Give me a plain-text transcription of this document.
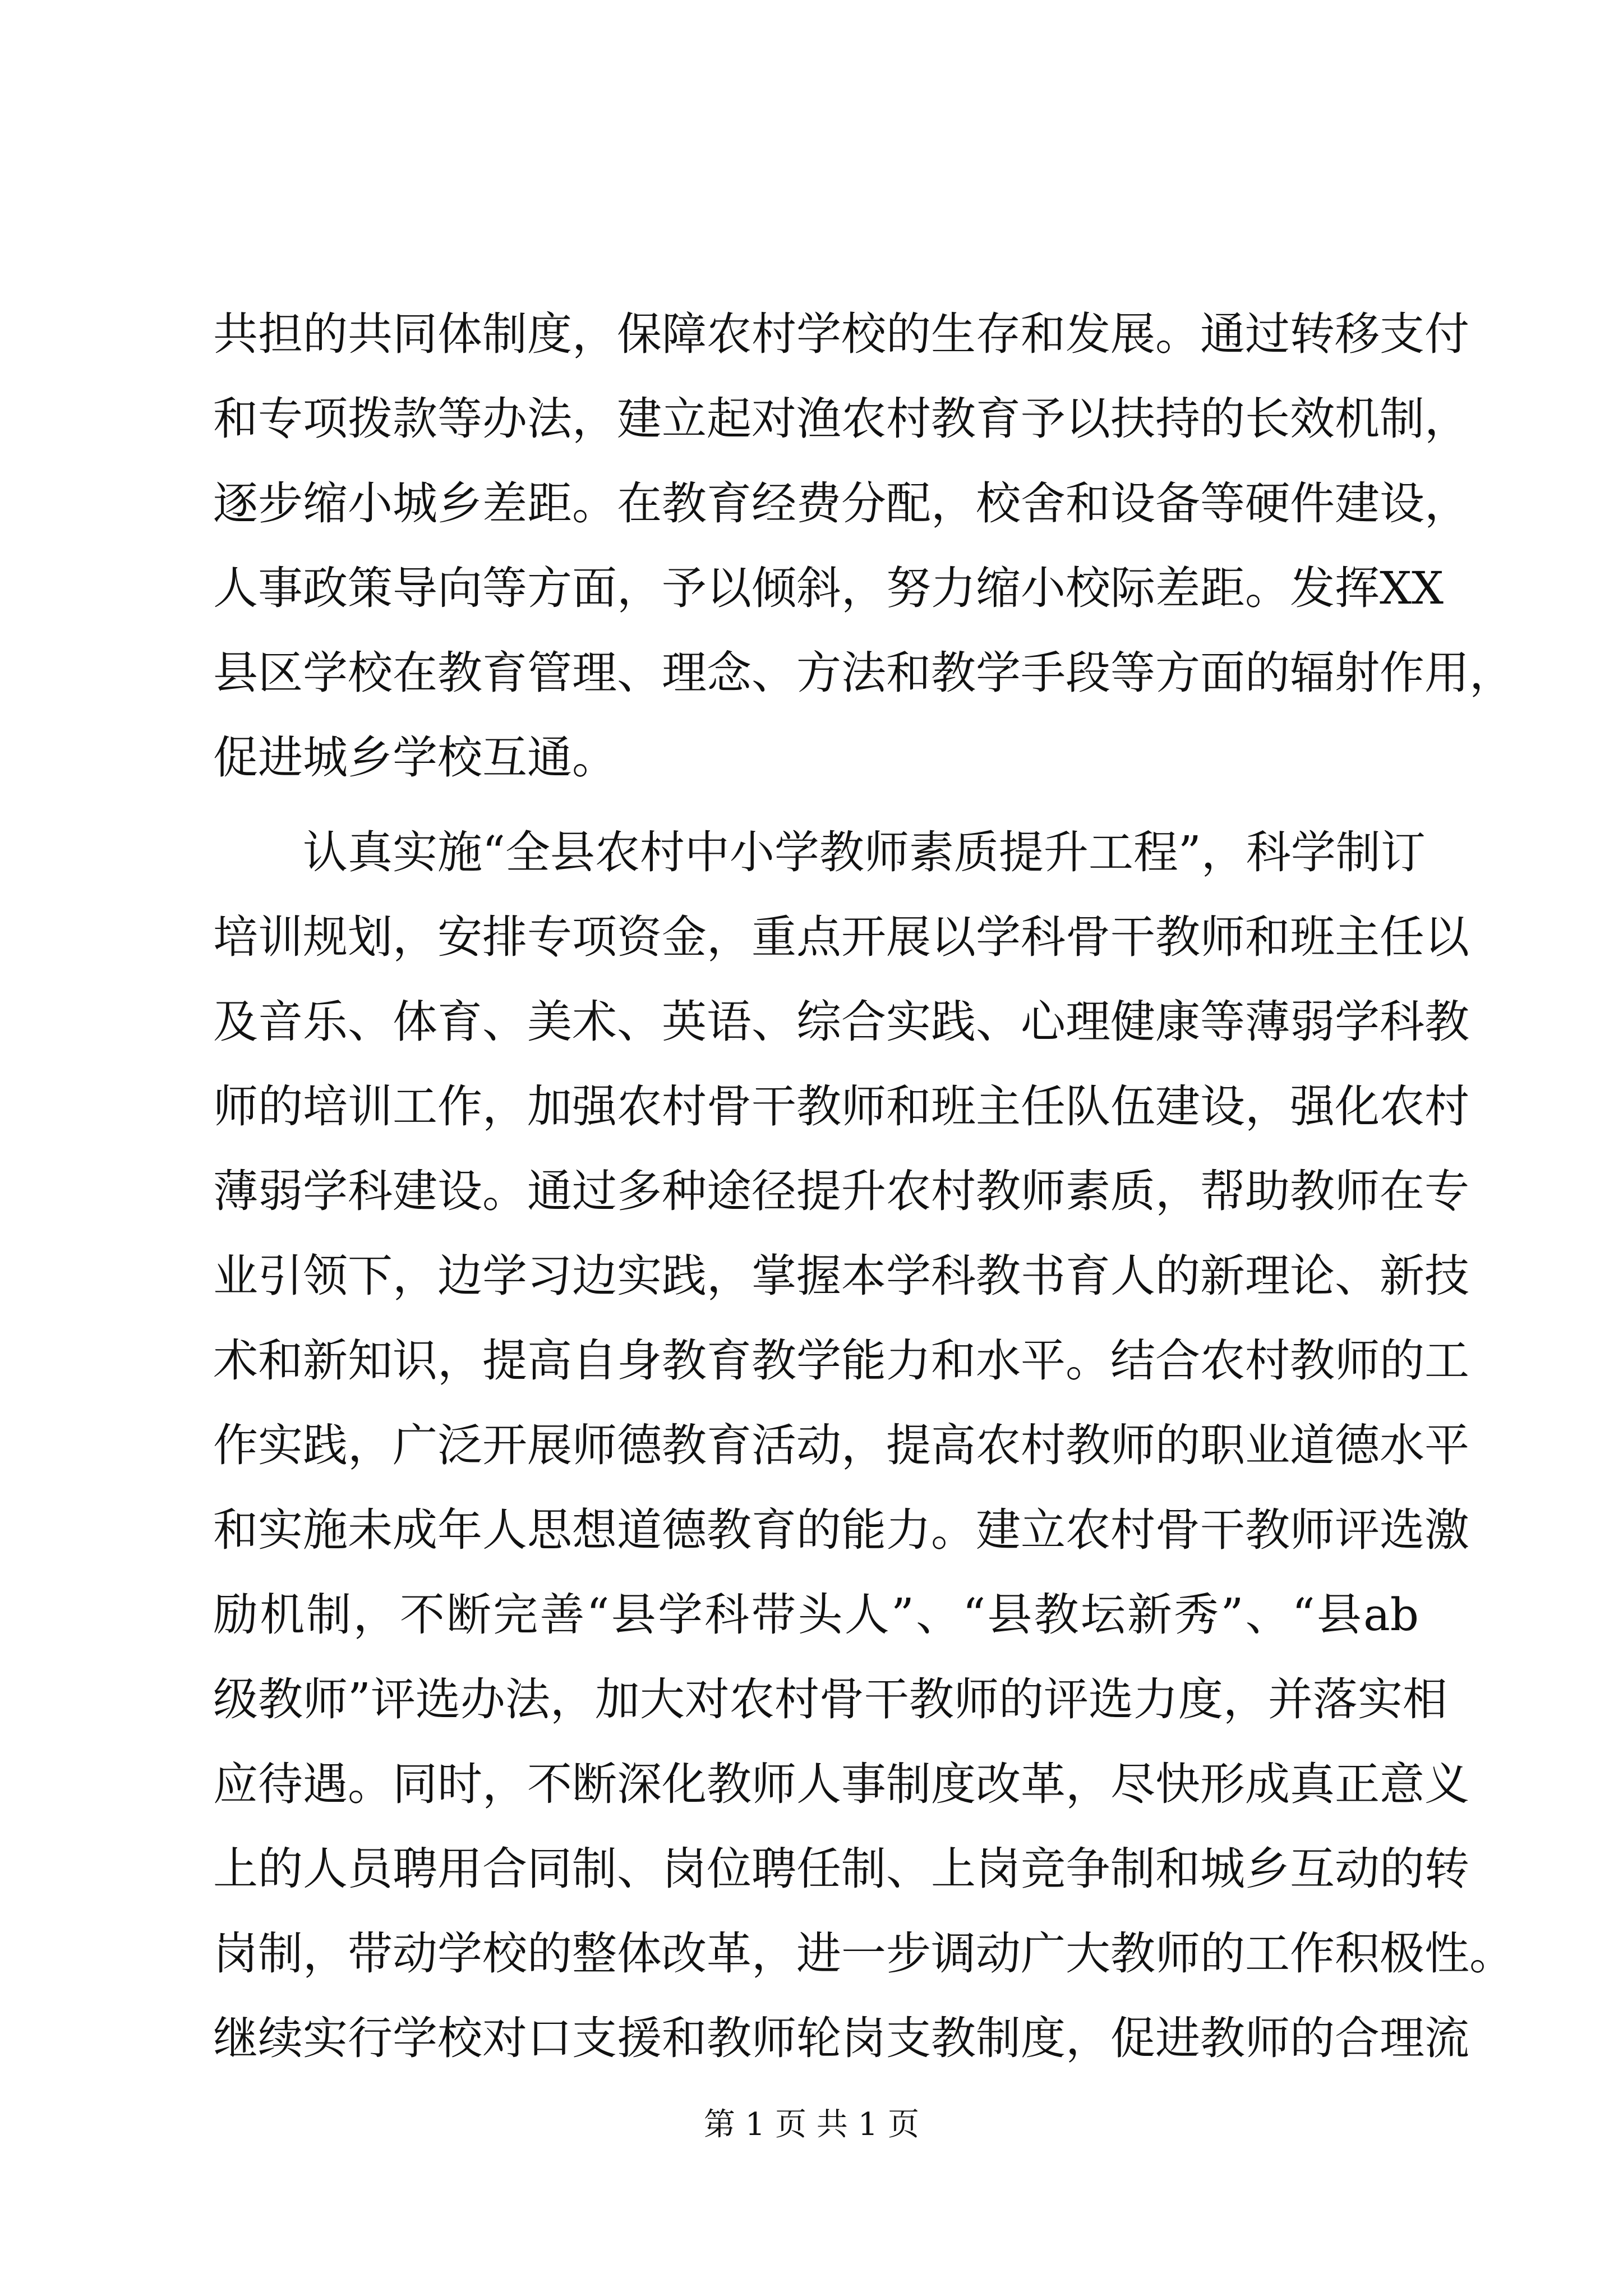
共担的共同体制度，保障农村学校的生存和发展。通过转移支付
和专项拨款等办法，建立起对渔农村教育予以扶持的长效机制，
逐步缩小城乡差距。在教育经费分配，校舍和设备等硬件建设，
人事政策导向等方面，予以倾斜，努力缩小校际差距。发挥XX
县区学校在教育管理、理念、方法和教学手段等方面的辐射作用，
促进城乡学校互通。
认真实施“全县农村中小学教师素质提升工程”，科学制订
培训规划，安排专项资金，重点开展以学科骨干教师和班主任以
及音乐、体育、美术、英语、综合实践、心理健康等薄弱学科教
师的培训工作，加强农村骨干教师和班主任队伍建设，强化农村
薄弱学科建设。通过多种途径提升农村教师素质，帮助教师在专
业引领下，边学习边实践，掌握本学科教书育人的新理论、新技
术和新知识，提高自身教育教学能力和水平。结合农村教师的工
作实践，广泛开展师德教育活动，提高农村教师的职业道德水平
和实施未成年人思想道德教育的能力。建立农村骨干教师评选激
励机制，不断完善“县学科带头人”、“县教坛新秀”、“县ab
级教师”评选办法，加大对农村骨干教师的评选力度，并落实相
应待遇。同时，不断深化教师人事制度改革，尽快形成真正意义
上的人员聘用合同制、岗位聘任制、上岗竞争制和城乡互动的转
岗制，带动学校的整体改革，进一步调动广大教师的工作积极性。
继续实行学校对口支援和教师轮岗支教制度，促进教师的合理流
第 1 页 共 1 页
